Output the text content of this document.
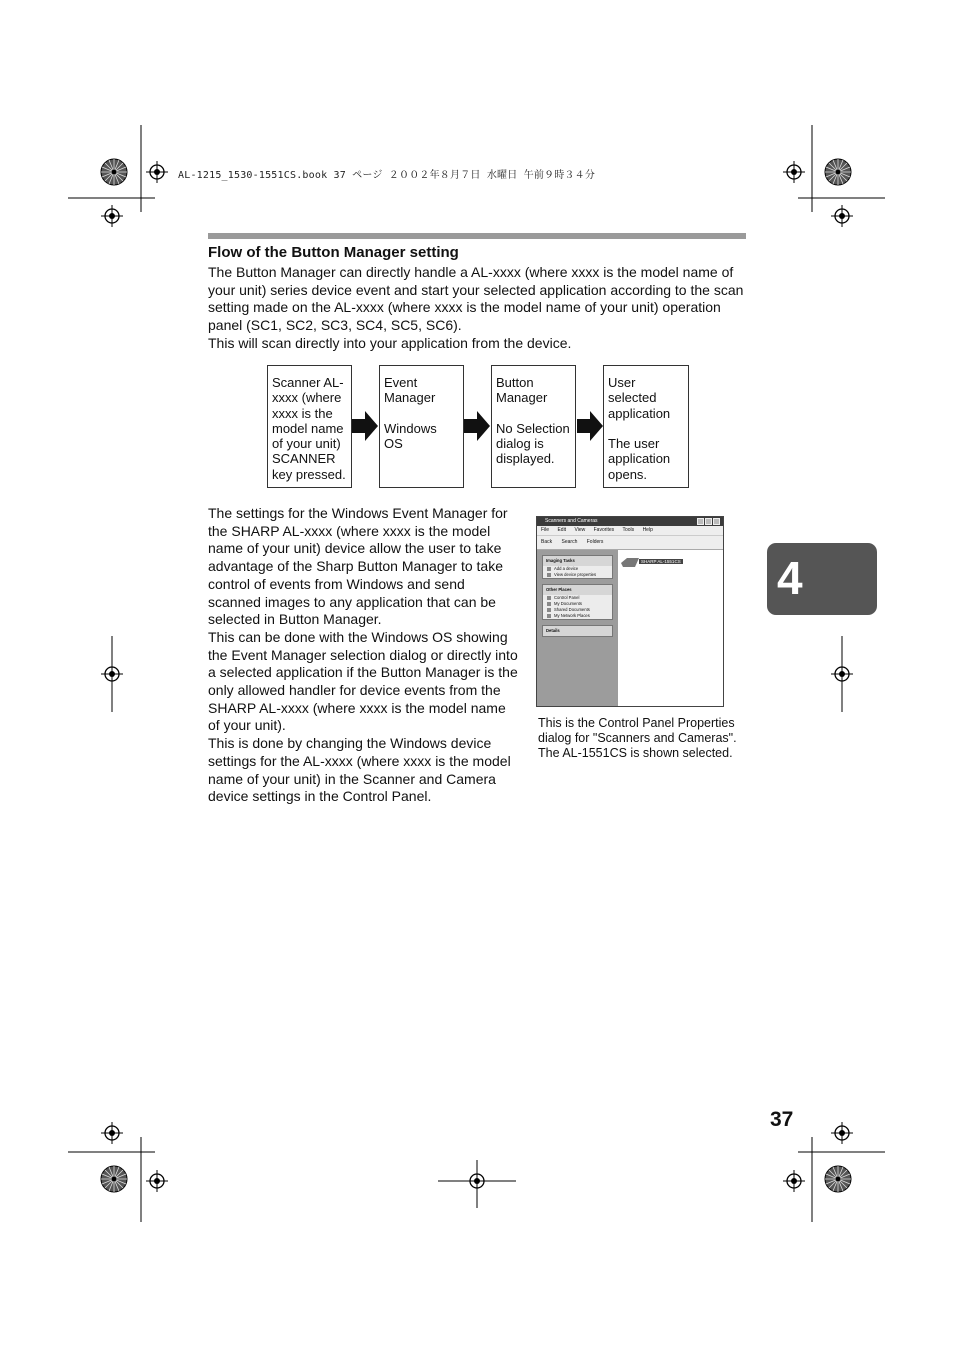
AL-1215_1530-1551CS.book 37 ページ ２００２年８月７日 水曜日 午前９時３４分
Flow of the Button Manager setting

The Button Manager can directly handle a AL-xxxx (where xxxx is the model name of your unit) series device event and start your selected application according to the scan setting made on the AL-xxxx (where xxxx is the model name of your unit) operation panel (SC1, SC2, SC3, SC4, SC5, SC6).

This will scan directly into your application from the device.

Scanner AL-
xxxx (where
xxxx is the
model name
of your unit)
SCANNER
key pressed.
Event
Manager

Windows OS
Button
Manager

No Selection
dialog is
displayed.
User
selected
application

The user
application
opens.

The settings for the Windows Event Manager for the SHARP AL-xxxx (where xxxx is the model name of your unit) device allow the user to take advantage of the Sharp Button Manager to take control of events from Windows and send scanned images to any application that can be selected in Button Manager.

This can be done with the Windows OS showing the Event Manager selection dialog or directly into a selected application if the Button Manager is the only allowed handler for device events from the SHARP AL-xxxx (where xxxx is the model name of your unit).

This is done by changing the Windows device settings for the AL-xxxx (where xxxx is the model name of your unit) in the Scanner and Camera device settings in the Control Panel.

Scanners and Cameras
File Edit View Favorites Tools Help
Back Search Folders
Imaging Tasks
Add a device
View device properties
Other Places
Control Panel
My Documents
Shared Documents
My Network Places
Details
SHARP AL-1551CS

This is the Control Panel Properties dialog for "Scanners and Cameras".

The AL-1551CS is shown selected.

4
37
